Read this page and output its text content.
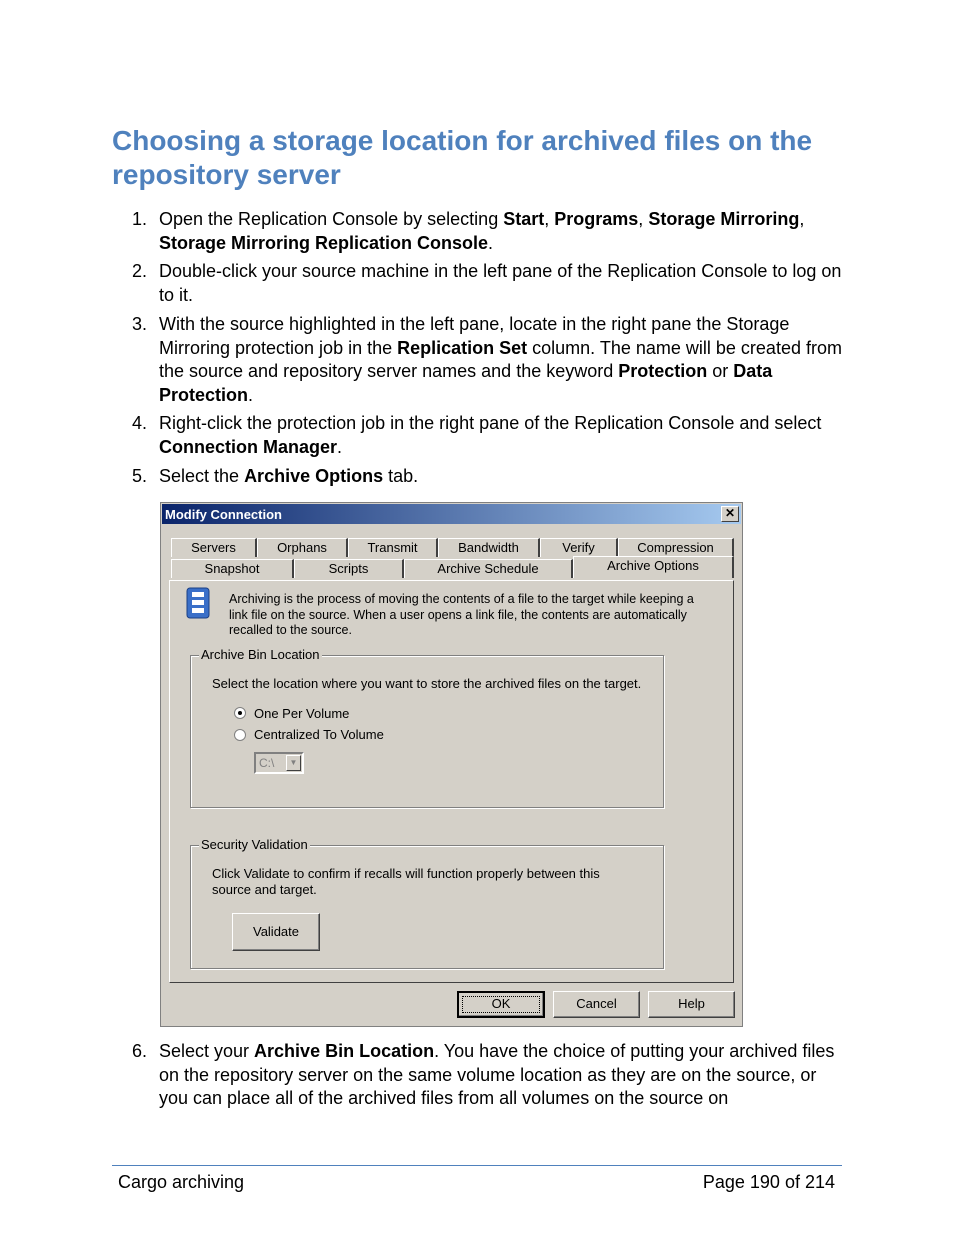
Choosing a storage location for archived files on the repository server
1. Open the Replication Console by selecting Start, Programs, Storage Mirroring,
Storage Mirroring Replication Console.
2. Double-click your source machine in the left pane of the Replication Console to log on to it.
3. With the source highlighted in the left pane, locate in the right pane the Storage Mirroring protection job in the Replication Set column. The name will be created from the source and repository server names and the keyword Protection or Data Protection.
4. Right-click the protection job in the right pane of the Replication Console and select Connection Manager.
5. Select the Archive Options tab.
6. Select your Archive Bin Location. You have the choice of putting your archived files on the repository server on the same volume location as they are on the source, or you can place all of the archived files from all volumes on the source on
Modify Connection	✕
Servers	Orphans	Transmit	Bandwidth	Verify	Compression
Snapshot	Scripts	Archive Schedule	Archive Options
OK	Cancel	Help
Archiving is the process of moving the contents of a file to the target while keeping a link file on the source. When a user opens a link file, the contents are automatically recalled to the source.
Archive Bin Location
Select the location where you want to store the archived files on the target.
One Per Volume
Centralized To Volume
C:\	▼
Security Validation
Click Validate to confirm if recalls will function properly between this source and target.
Validate
Cargo archiving	Page 190 of 214
